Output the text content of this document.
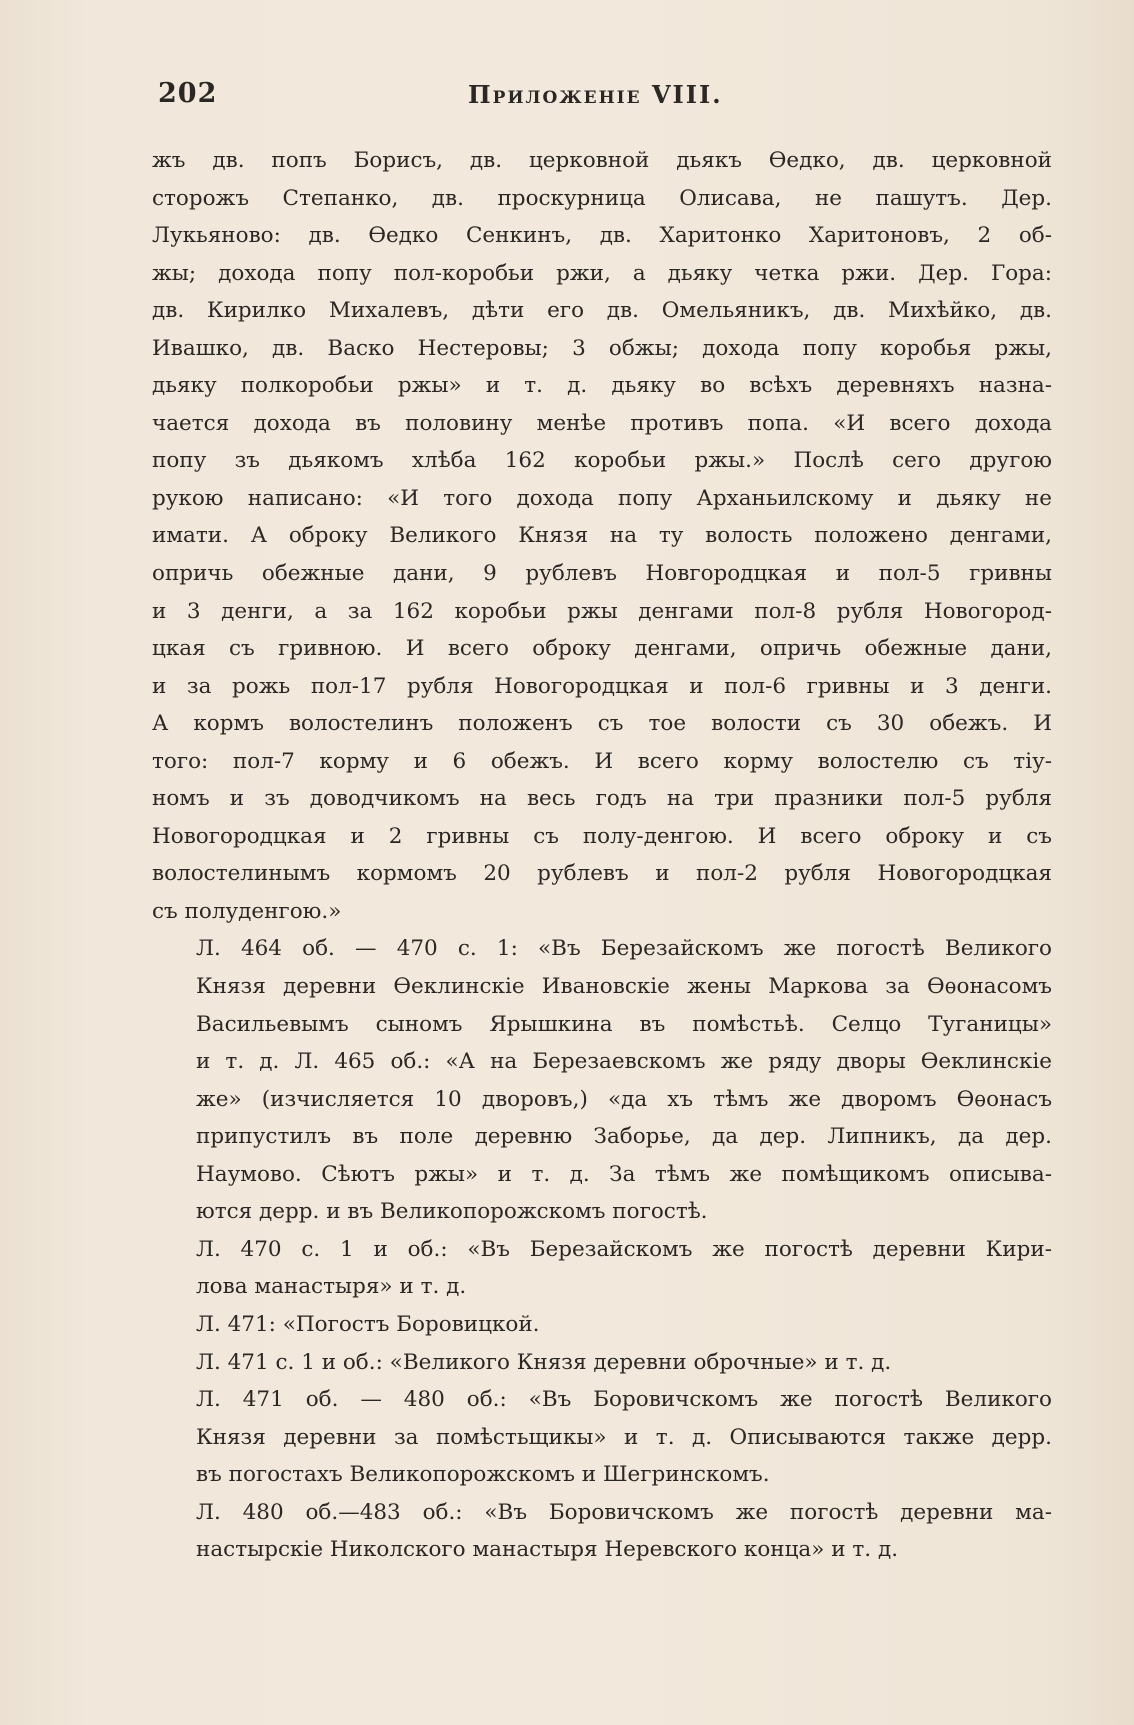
202	Приложеніе VIII.

жъ дв. попъ Борисъ, дв. церковной дьякъ Ѳедко, дв. церковной
сторожъ Степанко, дв. проскурница Олисава, не пашутъ. Дер.
Лукьяново: дв. Ѳедко Сенкинъ, дв. Харитонко Харитоновъ, 2 об-
жы; дохода попу пол-коробьи ржи, а дьяку четка ржи. Дер. Гора:
дв. Кирилко Михалевъ, дѣти его дв. Омельяникъ, дв. Михѣйко, дв.
Ивашко, дв. Васко Нестеровы; 3 обжы; дохода попу коробья ржы,
дьяку полкоробьи ржы» и т. д. дьяку во всѣхъ деревняхъ назна-
чается дохода въ половину менѣе противъ попа. «И всего дохода
попу зъ дьякомъ хлѣба 162 коробьи ржы.» Послѣ сего другою
рукою написано: «И того дохода попу Арханьилскому и дьяку не
имати. А оброку Великого Князя на ту волость положено денгами,
опричь обежные дани, 9 рублевъ Новгородцкая и пол-5 гривны
и 3 денги, а за 162 коробьи ржы денгами пол-8 рубля Новогород-
цкая съ гривною. И всего оброку денгами, опричь обежные дани,
и за рожь пол-17 рубля Новогородцкая и пол-6 гривны и 3 денги.
А кормъ волостелинъ положенъ съ тое волости съ 30 обежъ. И
того: пол-7 корму и 6 обежъ. И всего корму волостелю съ тіу-
номъ и зъ доводчикомъ на весь годъ на три празники пол-5 рубля
Новогородцкая и 2 гривны съ полу-денгою. И всего оброку и съ
волостелинымъ кормомъ 20 рублевъ и пол-2 рубля Новогородцкая
съ полуденгою.»

Л. 464 об. — 470 с. 1: «Въ Березайскомъ же погостѣ Великого
Князя деревни Ѳеклинскіе Ивановскіе жены Маркова за Ѳѳонасомъ
Васильевымъ сыномъ Ярышкина въ помѣстьѣ. Селцо Туганицы»
и т. д. Л. 465 об.: «А на Березаевскомъ же ряду дворы Ѳеклинскіе
же» (изчисляется 10 дворовъ,) «да хъ тѣмъ же дворомъ Ѳѳонасъ
припустилъ въ поле деревню Заборье, да дер. Липникъ, да дер.
Наумово. Сѣютъ ржы» и т. д. За тѣмъ же помѣщикомъ описыва-
ются дерр. и въ Великопорожскомъ погостѣ.

Л. 470 с. 1 и об.: «Въ Березайскомъ же погостѣ деревни Кири-
лова манастыря» и т. д.

Л. 471: «Погостъ Боровицкой.

Л. 471 с. 1 и об.: «Великого Князя деревни оброчные» и т. д.

Л. 471 об. — 480 об.: «Въ Боровичскомъ же погостѣ Великого
Князя деревни за помѣстьщикы» и т. д. Описываются также дерр.
въ погостахъ Великопорожскомъ и Шегринскомъ.

Л. 480 об.—483 об.: «Въ Боровичскомъ же погостѣ деревни ма-
настырскіе Николского манастыря Неревского конца» и т. д.
